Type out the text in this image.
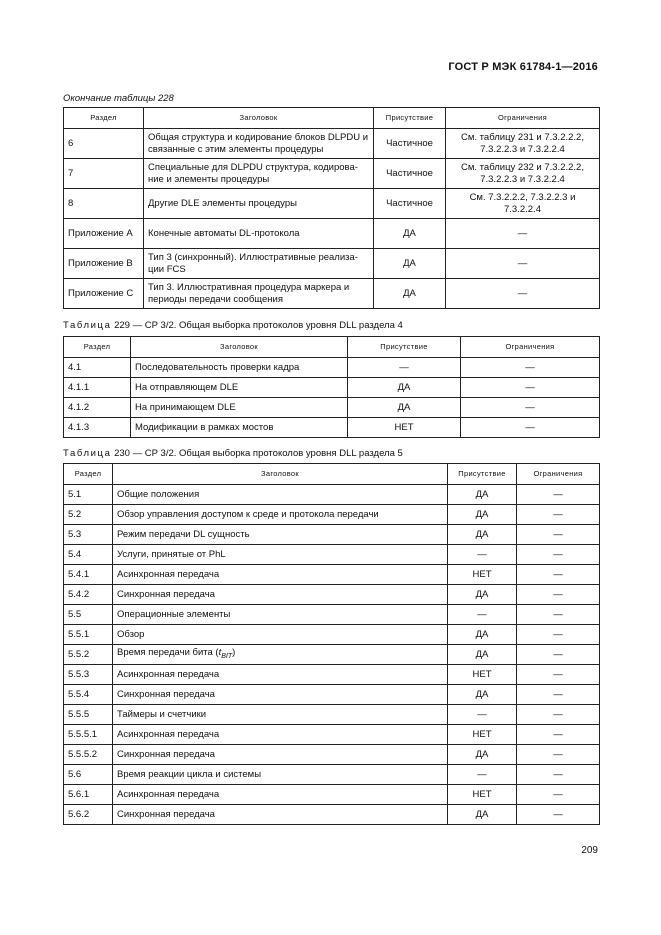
ГОСТ Р МЭК 61784-1—2016
Окончание таблицы 228
Раздел	Заголовок	Присутствие	Ограничения
6	Общая структура и кодирование блоков DLPDU и связанные с этим элементы процедуры	Частичное	См. таблицу 231 и 7.3.2.2.2, 7.3.2.2.3 и 7.3.2.2.4
7	Специальные для DLPDU структура, кодирова-ние и элементы процедуры	Частичное	См. таблицу 232 и 7.3.2.2.2, 7.3.2.2.3 и 7.3.2.2.4
8	Другие DLE элементы процедуры	Частичное	См. 7.3.2.2.2, 7.3.2.2.3 и 7.3.2.2.4
Приложение А	Конечные автоматы DL-протокола	ДА	—
Приложение В	Тип 3 (синхронный). Иллюстративные реализа-ции FCS	ДА	—
Приложение С	Тип 3. Иллюстративная процедура маркера и периоды передачи сообщения	ДА	—
Таблица 229 — СР 3/2. Общая выборка протоколов уровня DLL раздела 4
Раздел	Заголовок	Присутствие	Ограничения
4.1	Последовательность проверки кадра	—	—
4.1.1	На отправляющем DLE	ДА	—
4.1.2	На принимающем DLE	ДА	—
4.1.3	Модификации в рамках мостов	НЕТ	—
Таблица 230 — СР 3/2. Общая выборка протоколов уровня DLL раздела 5
Раздел	Заголовок	Присутствие	Ограничения
5.1	Общие положения	ДА	—
5.2	Обзор управления доступом к среде и протокола передачи	ДА	—
5.3	Режим передачи DL сущность	ДА	—
5.4	Услуги, принятые от PhL	—	—
5.4.1	Асинхронная передача	НЕТ	—
5.4.2	Синхронная передача	ДА	—
5.5	Операционные элементы	—	—
5.5.1	Обзор	ДА	—
5.5.2	Время передачи бита $(t_{BIT})$	ДА	—
5.5.3	Асинхронная передача	НЕТ	—
5.5.4	Синхронная передача	ДА	—
5.5.5	Таймеры и счетчики	—	—
5.5.5.1	Асинхронная передача	НЕТ	—
5.5.5.2	Синхронная передача	ДА	—
5.6	Время реакции цикла и системы	—	—
5.6.1	Асинхронная передача	НЕТ	—
5.6.2	Синхронная передача	ДА	—
209
